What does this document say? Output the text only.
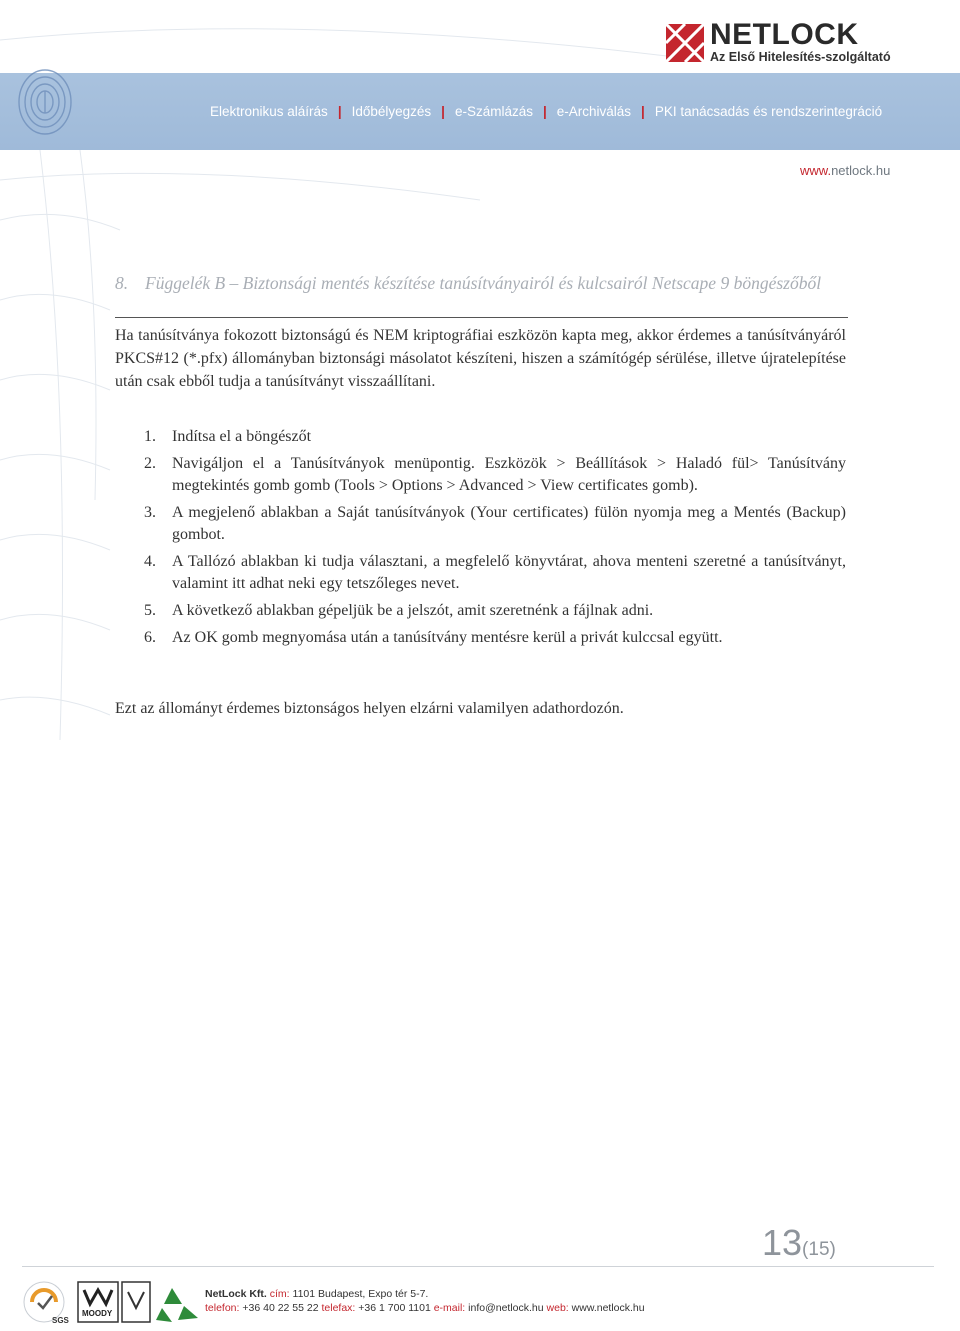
NETLOCK
Az Első Hitelesítés-szolgáltató
Elektronikus aláírás | Időbélyegzés | e-Számlázás | e-Archiválás | PKI tanácsadás és rendszerintegráció
www.netlock.hu
8. Függelék B – Biztonsági mentés készítése tanúsítványairól és kulcsairól Netscape 9 böngészőből
Ha tanúsítványa fokozott biztonságú és NEM kriptográfiai eszközön kapta meg, akkor érdemes a tanúsítványáról PKCS#12 (*.pfx) állományban biztonsági másolatot készíteni, hiszen a számítógép sérülése, illetve újratelepítése után csak ebből tudja a tanúsítványt visszaállítani.
1. Indítsa el a böngészőt
2. Navigáljon el a Tanúsítványok menüpontig. Eszközök > Beállítások > Haladó fül> Tanúsítvány megtekintés gomb gomb (Tools > Options > Advanced > View certificates gomb).
3. A megjelenő ablakban a Saját tanúsítványok (Your certificates) fülön nyomja meg a Mentés (Backup) gombot.
4. A Tallózó ablakban ki tudja választani, a megfelelő könyvtárat, ahova menteni szeretné a tanúsítványt, valamint itt adhat neki egy tetszőleges nevet.
5. A következő ablakban gépeljük be a jelszót, amit szeretnénk a fájlnak adni.
6. Az OK gomb megnyomása után a tanúsítvány mentésre kerül a privát kulccsal együtt.
Ezt az állományt érdemes biztonságos helyen elzárni valamilyen adathordozón.
13(15)
SGS
MOODY
NetLock Kft. cím: 1101 Budapest, Expo tér 5-7.
telefon: +36 40 22 55 22 telefax: +36 1 700 1101 e-mail: info@netlock.hu web: www.netlock.hu
